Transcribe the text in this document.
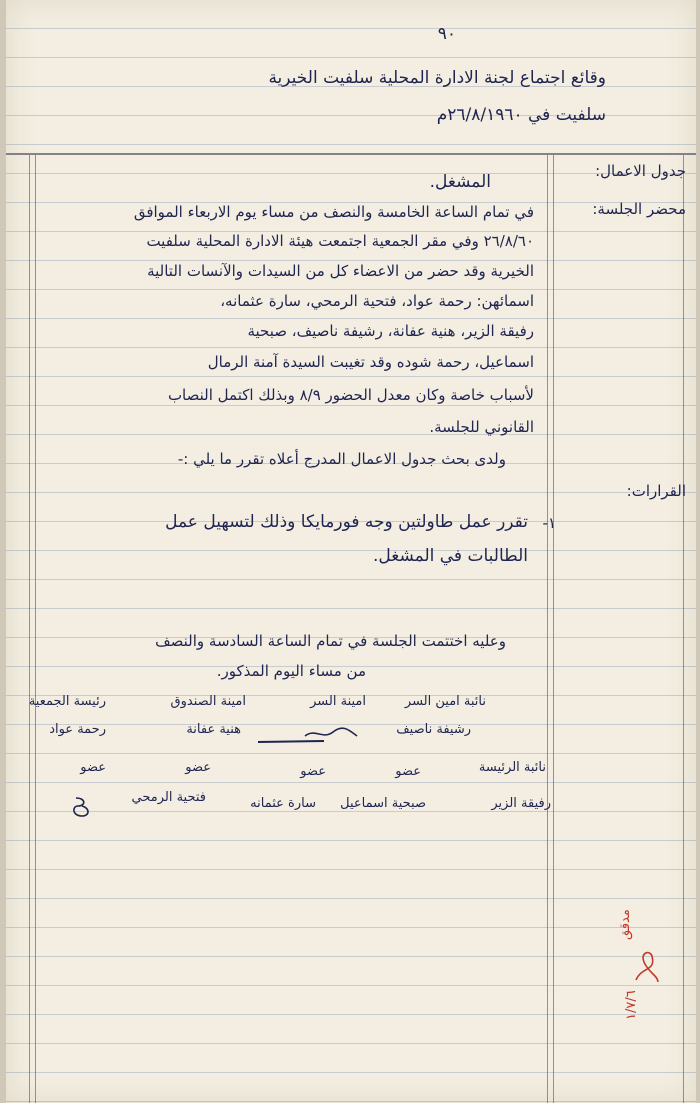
٩٠
وقائع اجتماع لجنة الادارة المحلية سلفيت الخيرية
سلفيت في ٢٦/٨/١٩٦٠م
جدول الاعمال:
محضر الجلسة:
القرارات:
المشغل.
في تمام الساعة الخامسة والنصف من مساء يوم الاربعاء الموافق
٢٦/٨/٦٠ وفي مقر الجمعية اجتمعت هيئة الادارة المحلية سلفيت
الخيرية وقد حضر من الاعضاء كل من السيدات والآنسات التالية
اسمائهن: رحمة عواد، فتحية الرمحي، سارة عثمانه،
رفيقة الزير، هنية عفانة، رشيفة ناصيف، صبحية
اسماعيل، رحمة شوده وقد تغيبت السيدة آمنة الرمال
لأسباب خاصة وكان معدل الحضور ٨/٩ وبذلك اكتمل النصاب
القانوني للجلسة.
ولدى بحث جدول الاعمال المدرج أعلاه تقرر ما يلي :-
١-
تقرر عمل طاولتين وجه فورمايكا وذلك لتسهيل عمل
الطالبات في المشغل.
وعليه اختتمت الجلسة في تمام الساعة السادسة والنصف
من مساء اليوم المذكور.
نائبة امين السر
امينة السر
امينة الصندوق
رئيسة الجمعية
رشيفة ناصيف
هنية عفانة
رحمة عواد
نائبة الرئيسة
عضو
عضو
عضو
عضو
رفيقة الزير
صبحية اسماعيل
سارة عثمانه
فتحية الرمحي
مدقق
١/٧/٦
